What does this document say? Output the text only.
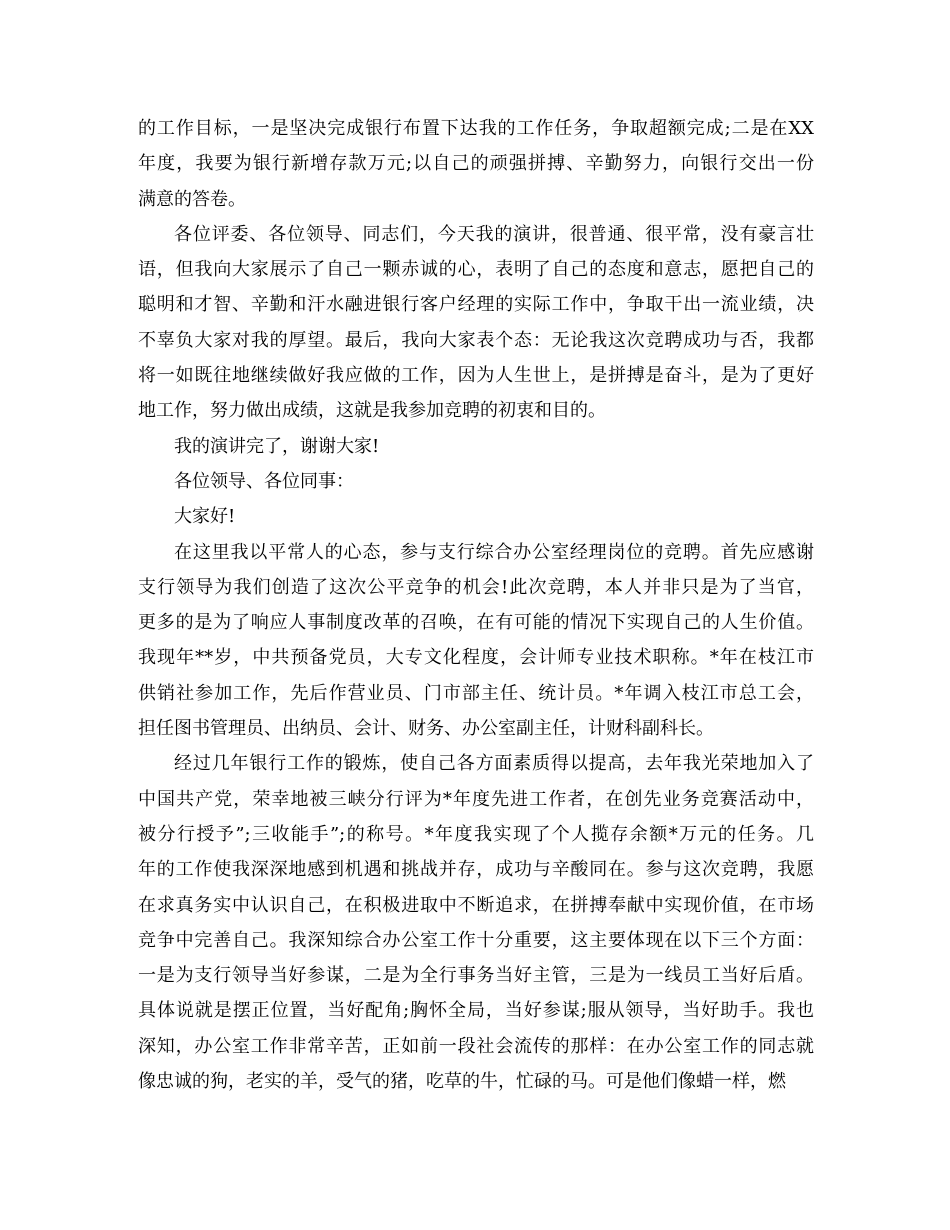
的工作目标，一是坚决完成银行布置下达我的工作任务，争取超额完成;二是在XX
年度，我要为银行新增存款万元;以自己的顽强拼搏、辛勤努力，向银行交出一份
满意的答卷。
各位评委、各位领导、同志们，今天我的演讲，很普通、很平常，没有豪言壮
语，但我向大家展示了自己一颗赤诚的心，表明了自己的态度和意志，愿把自己的
聪明和才智、辛勤和汗水融进银行客户经理的实际工作中，争取干出一流业绩，决
不辜负大家对我的厚望。最后，我向大家表个态：无论我这次竞聘成功与否，我都
将一如既往地继续做好我应做的工作，因为人生世上，是拼搏是奋斗，是为了更好
地工作，努力做出成绩，这就是我参加竞聘的初衷和目的。
我的演讲完了，谢谢大家!
各位领导、各位同事：
大家好!
在这里我以平常人的心态，参与支行综合办公室经理岗位的竞聘。首先应感谢
支行领导为我们创造了这次公平竞争的机会!此次竞聘，本人并非只是为了当官，
更多的是为了响应人事制度改革的召唤，在有可能的情况下实现自己的人生价值。
我现年**岁，中共预备党员，大专文化程度，会计师专业技术职称。*年在枝江市
供销社参加工作，先后作营业员、门市部主任、统计员。*年调入枝江市总工会，
担任图书管理员、出纳员、会计、财务、办公室副主任，计财科副科长。
经过几年银行工作的锻炼，使自己各方面素质得以提高，去年我光荣地加入了
中国共产党，荣幸地被三峡分行评为*年度先进工作者，在创先业务竞赛活动中，
被分行授予”;三收能手”;的称号。*年度我实现了个人揽存余额*万元的任务。几
年的工作使我深深地感到机遇和挑战并存，成功与辛酸同在。参与这次竞聘，我愿
在求真务实中认识自己，在积极进取中不断追求，在拼搏奉献中实现价值，在市场
竞争中完善自己。我深知综合办公室工作十分重要，这主要体现在以下三个方面：
一是为支行领导当好参谋，二是为全行事务当好主管，三是为一线员工当好后盾。
具体说就是摆正位置，当好配角;胸怀全局，当好参谋;服从领导，当好助手。我也
深知，办公室工作非常辛苦，正如前一段社会流传的那样：在办公室工作的同志就
像忠诚的狗，老实的羊，受气的猪，吃草的牛，忙碌的马。可是他们像蜡一样，燃
